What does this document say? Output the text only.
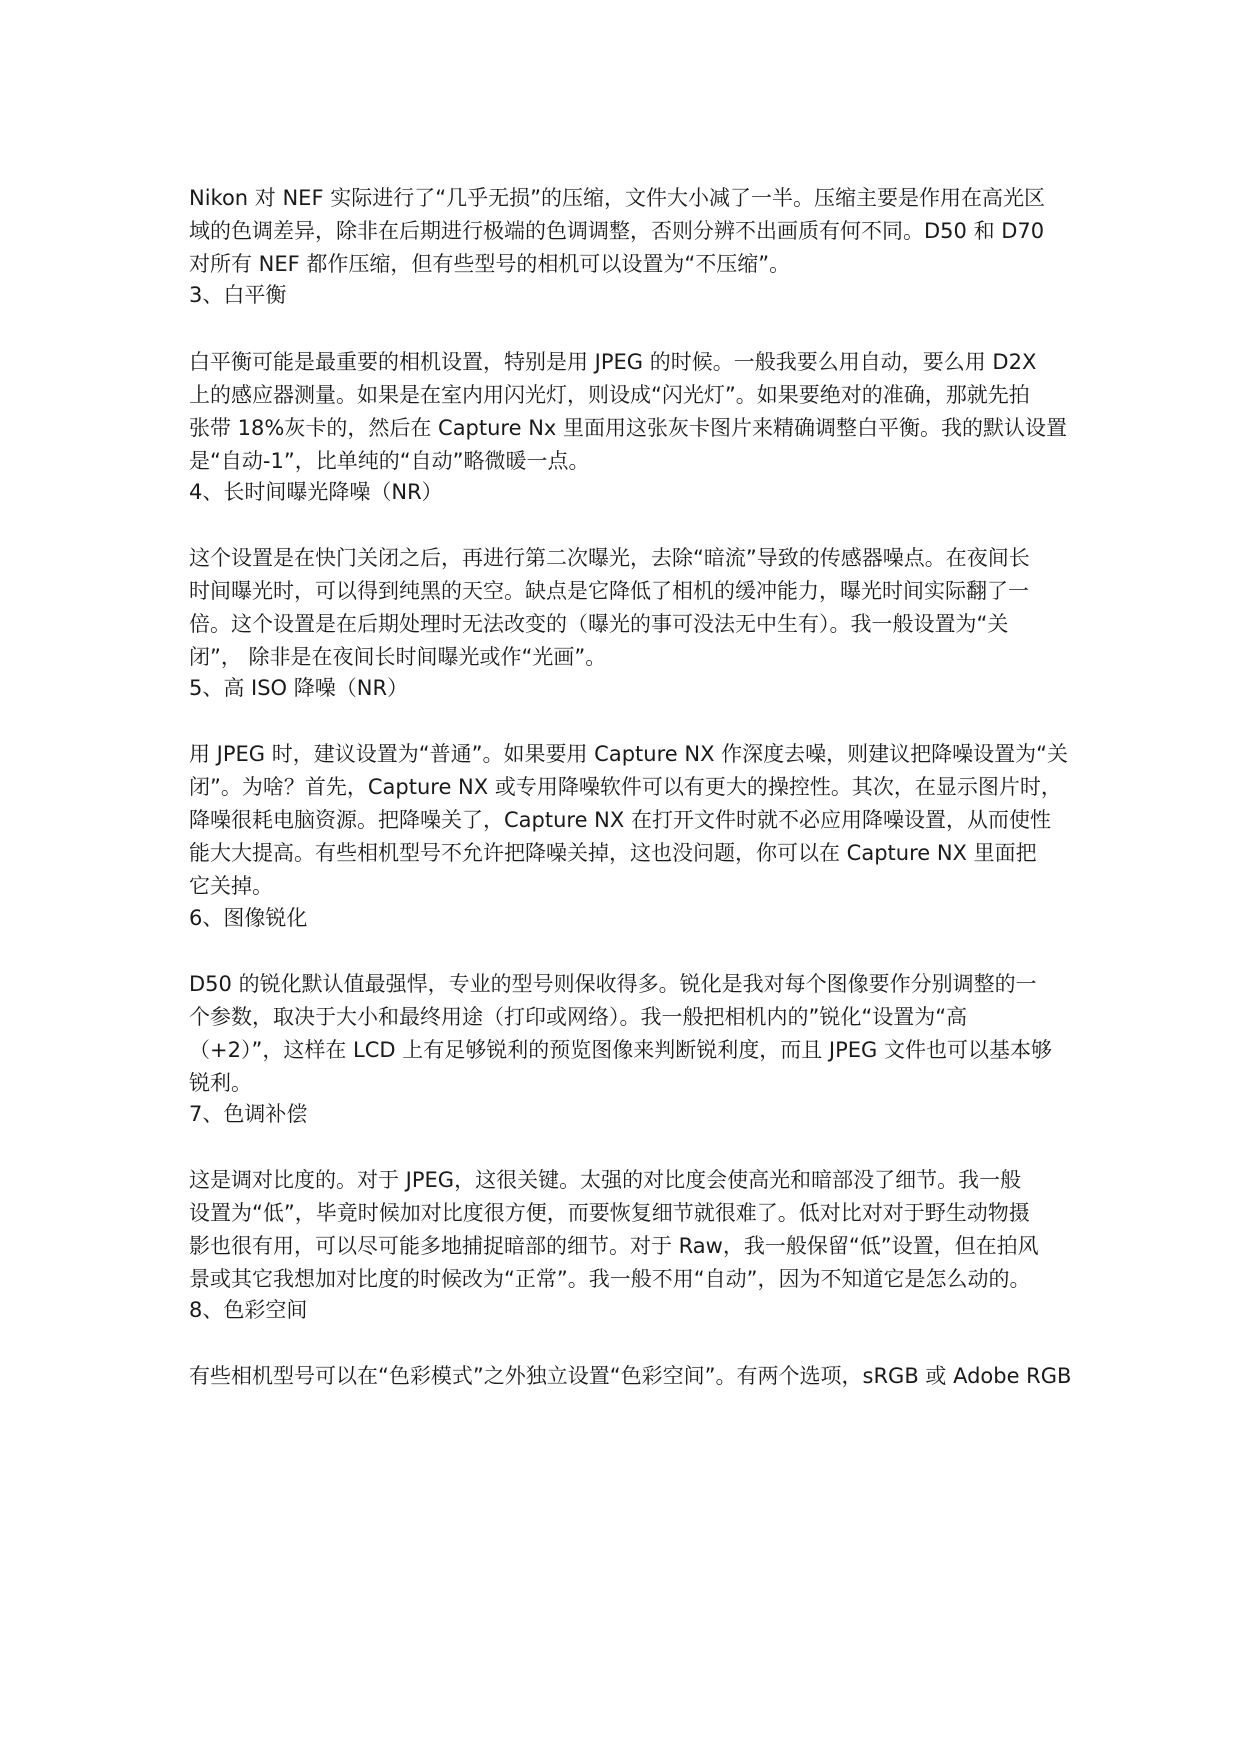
Nikon 对 NEF 实际进行了“几乎无损”的压缩，文件大小减了一半。压缩主要是作用在高光区
域的色调差异，除非在后期进行极端的色调调整，否则分辨不出画质有何不同。D50 和 D70
对所有 NEF 都作压缩，但有些型号的相机可以设置为“不压缩”。
3、白平衡
白平衡可能是最重要的相机设置，特别是用 JPEG 的时候。一般我要么用自动，要么用 D2X
上的感应器测量。如果是在室内用闪光灯，则设成“闪光灯”。如果要绝对的准确，那就先拍
张带 18%灰卡的，然后在 Capture Nx 里面用这张灰卡图片来精确调整白平衡。我的默认设置
是“自动-1”，比单纯的“自动”略微暖一点。
4、长时间曝光降噪（NR）
这个设置是在快门关闭之后，再进行第二次曝光，去除“暗流”导致的传感器噪点。在夜间长
时间曝光时，可以得到纯黑的天空。缺点是它降低了相机的缓冲能力，曝光时间实际翻了一
倍。这个设置是在后期处理时无法改变的（曝光的事可没法无中生有）。我一般设置为“关
闭”， 除非是在夜间长时间曝光或作“光画”。
5、高 ISO 降噪（NR）
用 JPEG 时，建议设置为“普通”。如果要用 Capture NX 作深度去噪，则建议把降噪设置为“关
闭”。为啥？首先，Capture NX 或专用降噪软件可以有更大的操控性。其次，在显示图片时，
降噪很耗电脑资源。把降噪关了，Capture NX 在打开文件时就不必应用降噪设置，从而使性
能大大提高。有些相机型号不允许把降噪关掉，这也没问题，你可以在 Capture NX 里面把
它关掉。
6、图像锐化
D50 的锐化默认值最强悍，专业的型号则保收得多。锐化是我对每个图像要作分别调整的一
个参数，取决于大小和最终用途（打印或网络）。我一般把相机内的”锐化“设置为“高
（+2）”，这样在 LCD 上有足够锐利的预览图像来判断锐利度，而且 JPEG 文件也可以基本够
锐利。
7、色调补偿
这是调对比度的。对于 JPEG，这很关键。太强的对比度会使高光和暗部没了细节。我一般
设置为“低”，毕竟时候加对比度很方便，而要恢复细节就很难了。低对比对对于野生动物摄
影也很有用，可以尽可能多地捕捉暗部的细节。对于 Raw，我一般保留“低”设置，但在拍风
景或其它我想加对比度的时候改为“正常”。我一般不用“自动”，因为不知道它是怎么动的。
8、色彩空间
有些相机型号可以在“色彩模式”之外独立设置“色彩空间”。有两个选项，sRGB 或 Adobe RGB
